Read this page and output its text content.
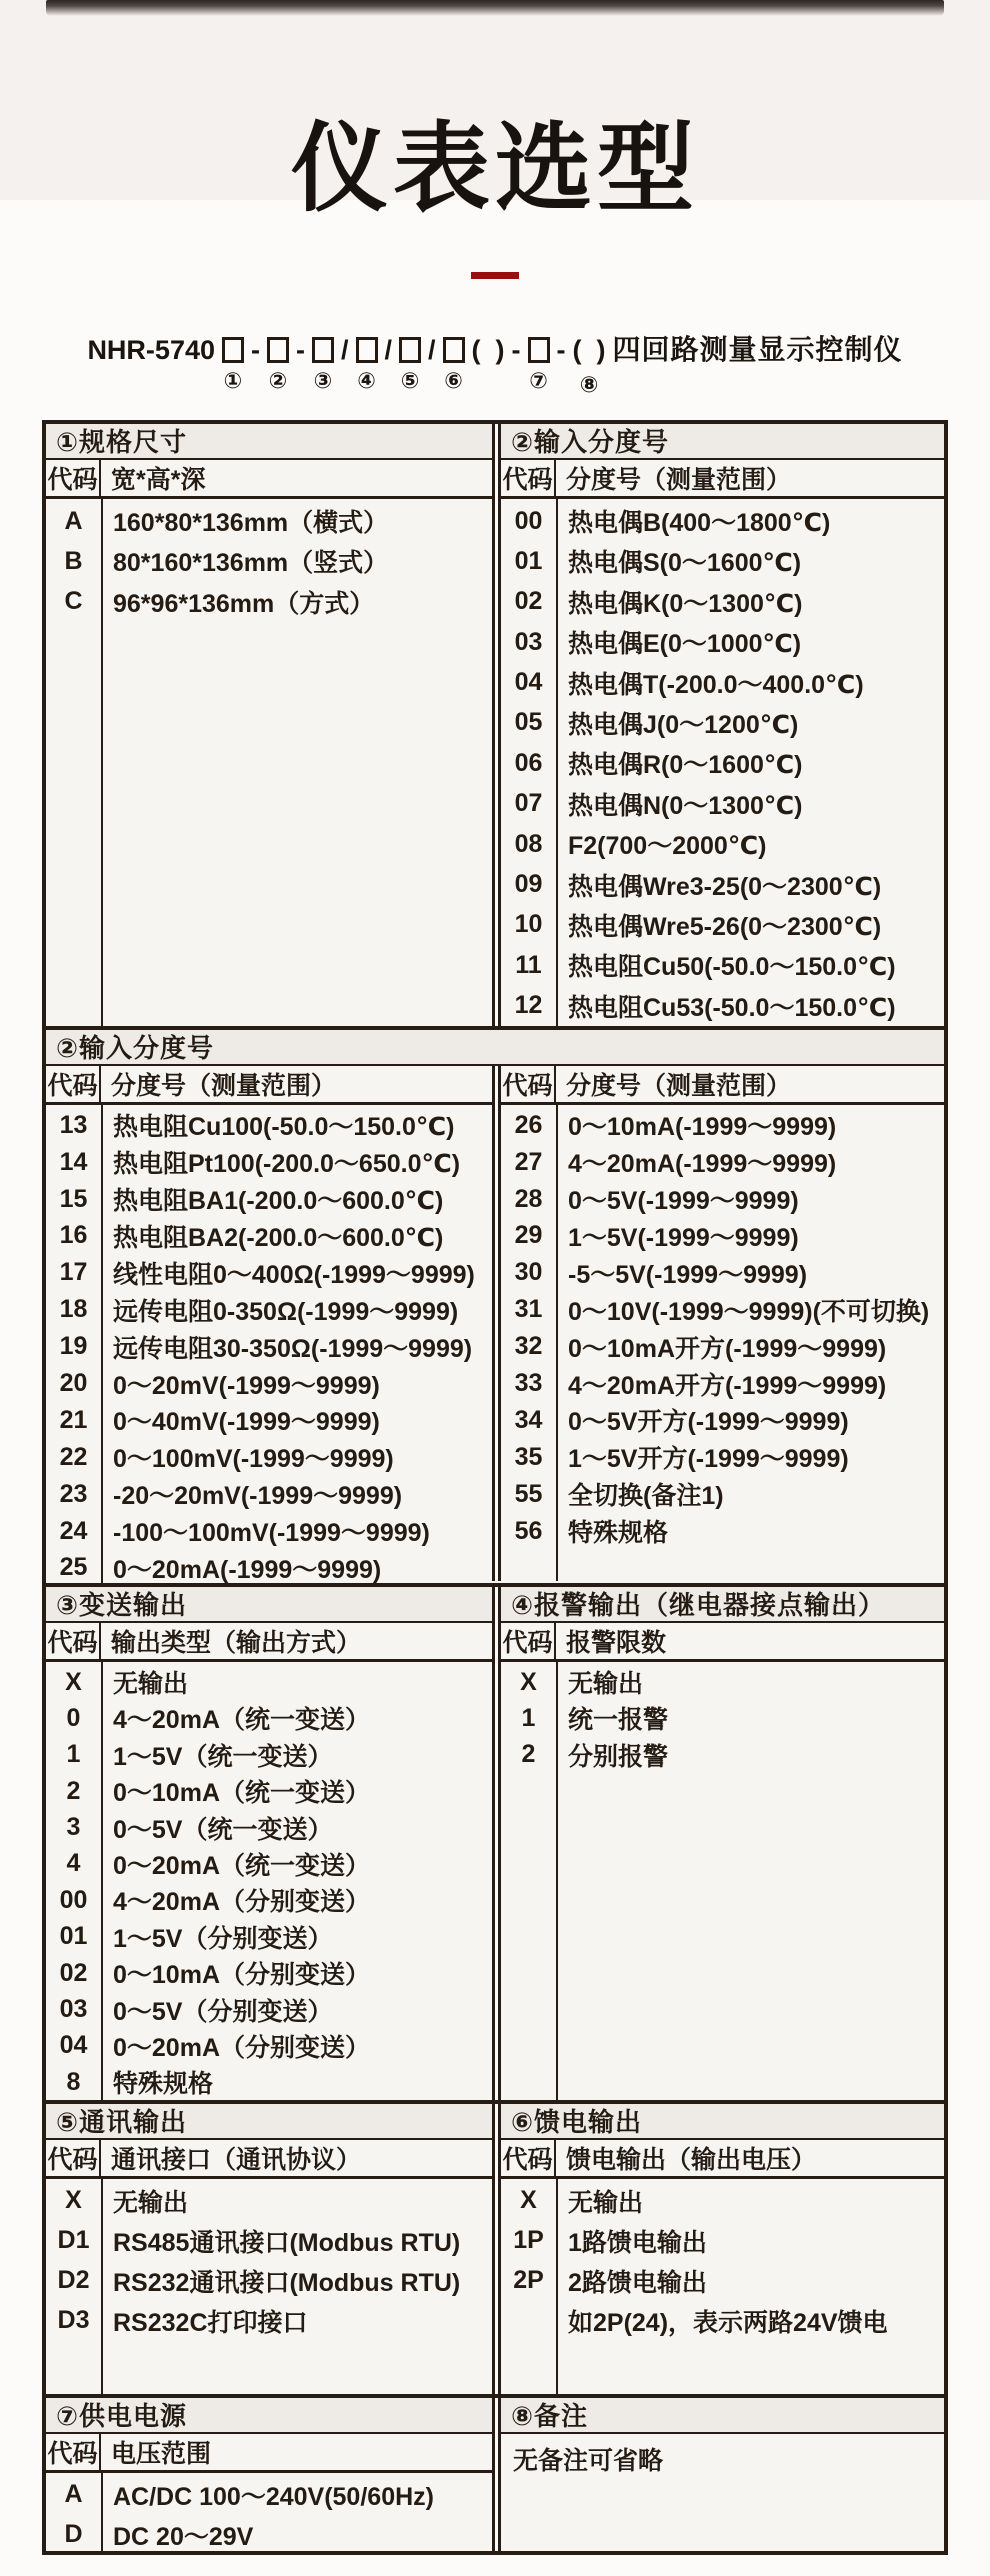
仪表选型
NHR-5740
①
-
②
-
③
/
④
/
⑤
/
⑥
(  ) -
⑦
- (  )
⑧
四回路测量显示控制仪
①规格尺寸
代码 宽*高*深
A	160*80*136mm（横式）
B	80*160*136mm（竖式）
C	96*96*136mm（方式）
②输入分度号
代码 分度号（测量范围）
00	热电偶B(400～1800℃)
01	热电偶S(0～1600℃)
02	热电偶K(0～1300℃)
03	热电偶E(0～1000℃)
04	热电偶T(-200.0～400.0℃)
05	热电偶J(0～1200℃)
06	热电偶R(0～1600℃)
07	热电偶N(0～1300℃)
08	F2(700～2000℃)
09	热电偶Wre3-25(0～2300℃)
10	热电偶Wre5-26(0～2300℃)
11	热电阻Cu50(-50.0～150.0℃)
12	热电阻Cu53(-50.0～150.0℃)
②输入分度号
代码 分度号（测量范围）
13	热电阻Cu100(-50.0～150.0℃)
14	热电阻Pt100(-200.0～650.0℃)
15	热电阻BA1(-200.0～600.0℃)
16	热电阻BA2(-200.0～600.0℃)
17	线性电阻0～400Ω(-1999～9999)
18	远传电阻0-350Ω(-1999～9999)
19	远传电阻30-350Ω(-1999～9999)
20	0～20mV(-1999～9999)
21	0～40mV(-1999～9999)
22	0～100mV(-1999～9999)
23	-20～20mV(-1999～9999)
24	-100～100mV(-1999～9999)
25	0～20mA(-1999～9999)
代码 分度号（测量范围）
26	0～10mA(-1999～9999)
27	4～20mA(-1999～9999)
28	0～5V(-1999～9999)
29	1～5V(-1999～9999)
30	-5～5V(-1999～9999)
31	0～10V(-1999～9999)(不可切换)
32	0～10mA开方(-1999～9999)
33	4～20mA开方(-1999～9999)
34	0～5V开方(-1999～9999)
35	1～5V开方(-1999～9999)
55	全切换(备注1)
56	特殊规格
③变送输出
代码 输出类型（输出方式）
X	无输出
0	4～20mA（统一变送）
1	1～5V（统一变送）
2	0～10mA（统一变送）
3	0～5V（统一变送）
4	0～20mA（统一变送）
00	4～20mA（分别变送）
01	1～5V（分别变送）
02	0～10mA（分别变送）
03	0～5V（分别变送）
04	0～20mA（分别变送）
8	特殊规格
④报警输出（继电器接点输出）
代码 报警限数
X	无输出
1	统一报警
2	分别报警
⑤通讯输出
代码 通讯接口（通讯协议）
X	无输出
D1 RS485通讯接口(Modbus RTU)
D2 RS232通讯接口(Modbus RTU)
D3 RS232C打印接口
⑥馈电输出
代码 馈电输出（输出电压）
X	无输出
1P 1路馈电输出
2P 2路馈电输出
如2P(24)，表示两路24V馈电
⑦供电电源
代码 电压范围
A	AC/DC 100～240V(50/60Hz)
D	DC 20～29V
⑧备注
无备注可省略
